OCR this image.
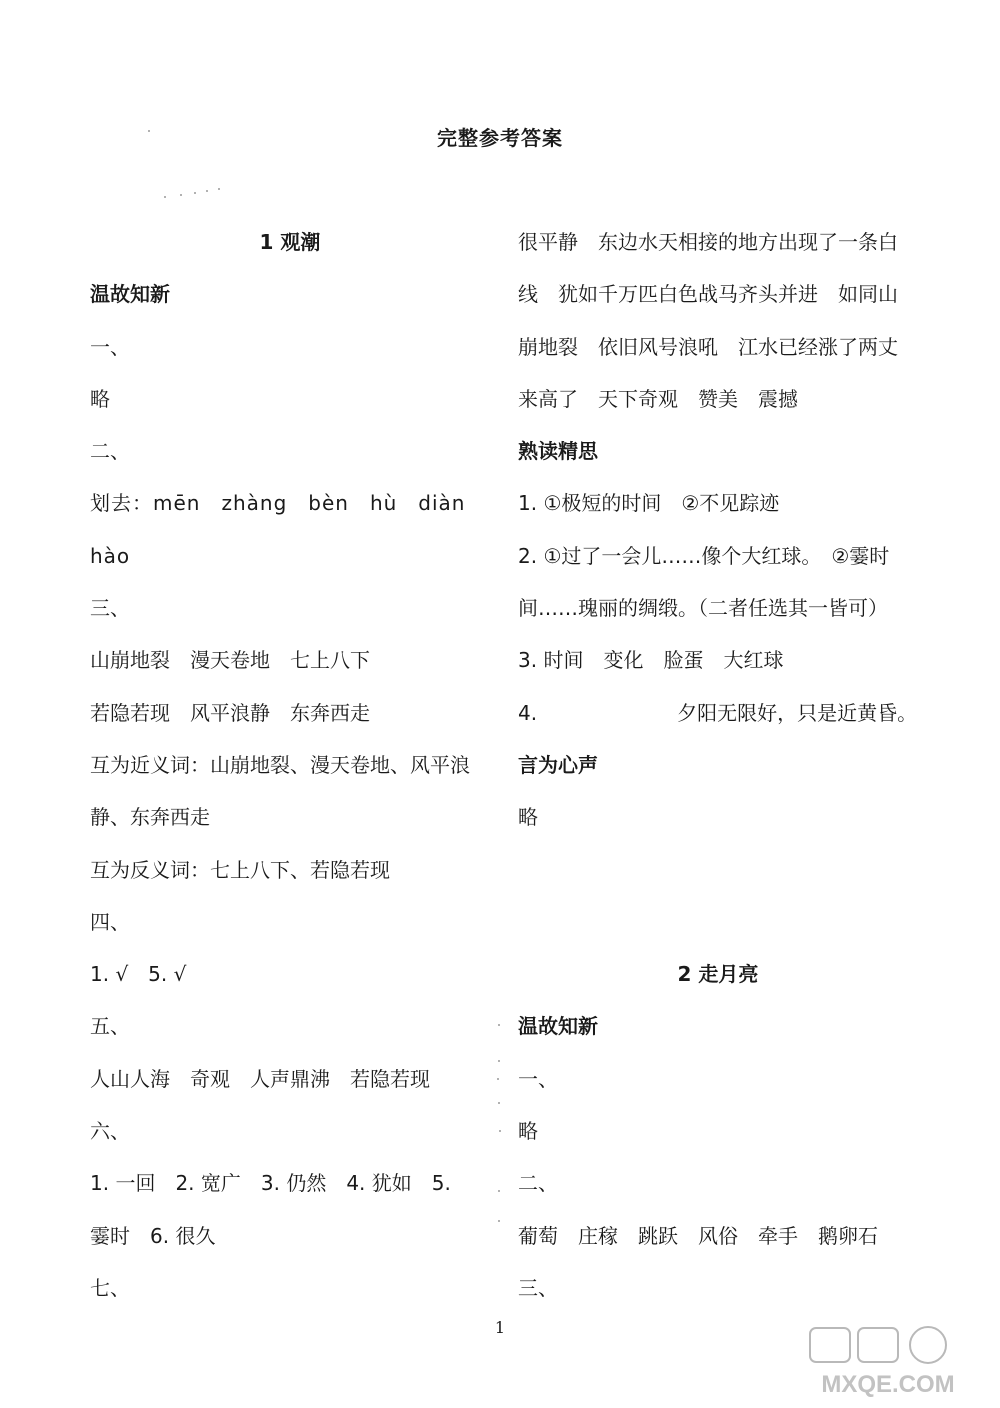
完整参考答案
1 观潮
温故知新
一、
略
二、
划去：mēn　zhàng　bèn　hù　diàn
hào
三、
山崩地裂　漫天卷地　七上八下
若隐若现　风平浪静　东奔西走
互为近义词：山崩地裂、漫天卷地、风平浪
静、东奔西走
互为反义词：七上八下、若隐若现
四、
1. √　5. √
五、
人山人海　奇观　人声鼎沸　若隐若现
六、
1. 一回　2. 宽广　3. 仍然　4. 犹如　5.
霎时　6. 很久
七、
很平静　东边水天相接的地方出现了一条白
线　犹如千万匹白色战马齐头并进　如同山
崩地裂　依旧风号浪吼　江水已经涨了两丈
来高了　天下奇观　赞美　震撼
熟读精思
1. ①极短的时间　②不见踪迹
2. ①过了一会儿……像个大红球。　②霎时
间……瑰丽的绸缎。（二者任选其一皆可）
3. 时间　变化　脸蛋　大红球
4.　　　　　　　夕阳无限好，只是近黄昏。
言为心声
略
2 走月亮
温故知新
一、
略
二、
葡萄　庄稼　跳跃　风俗　牵手　鹅卵石
三、
1
MXQE.COM
